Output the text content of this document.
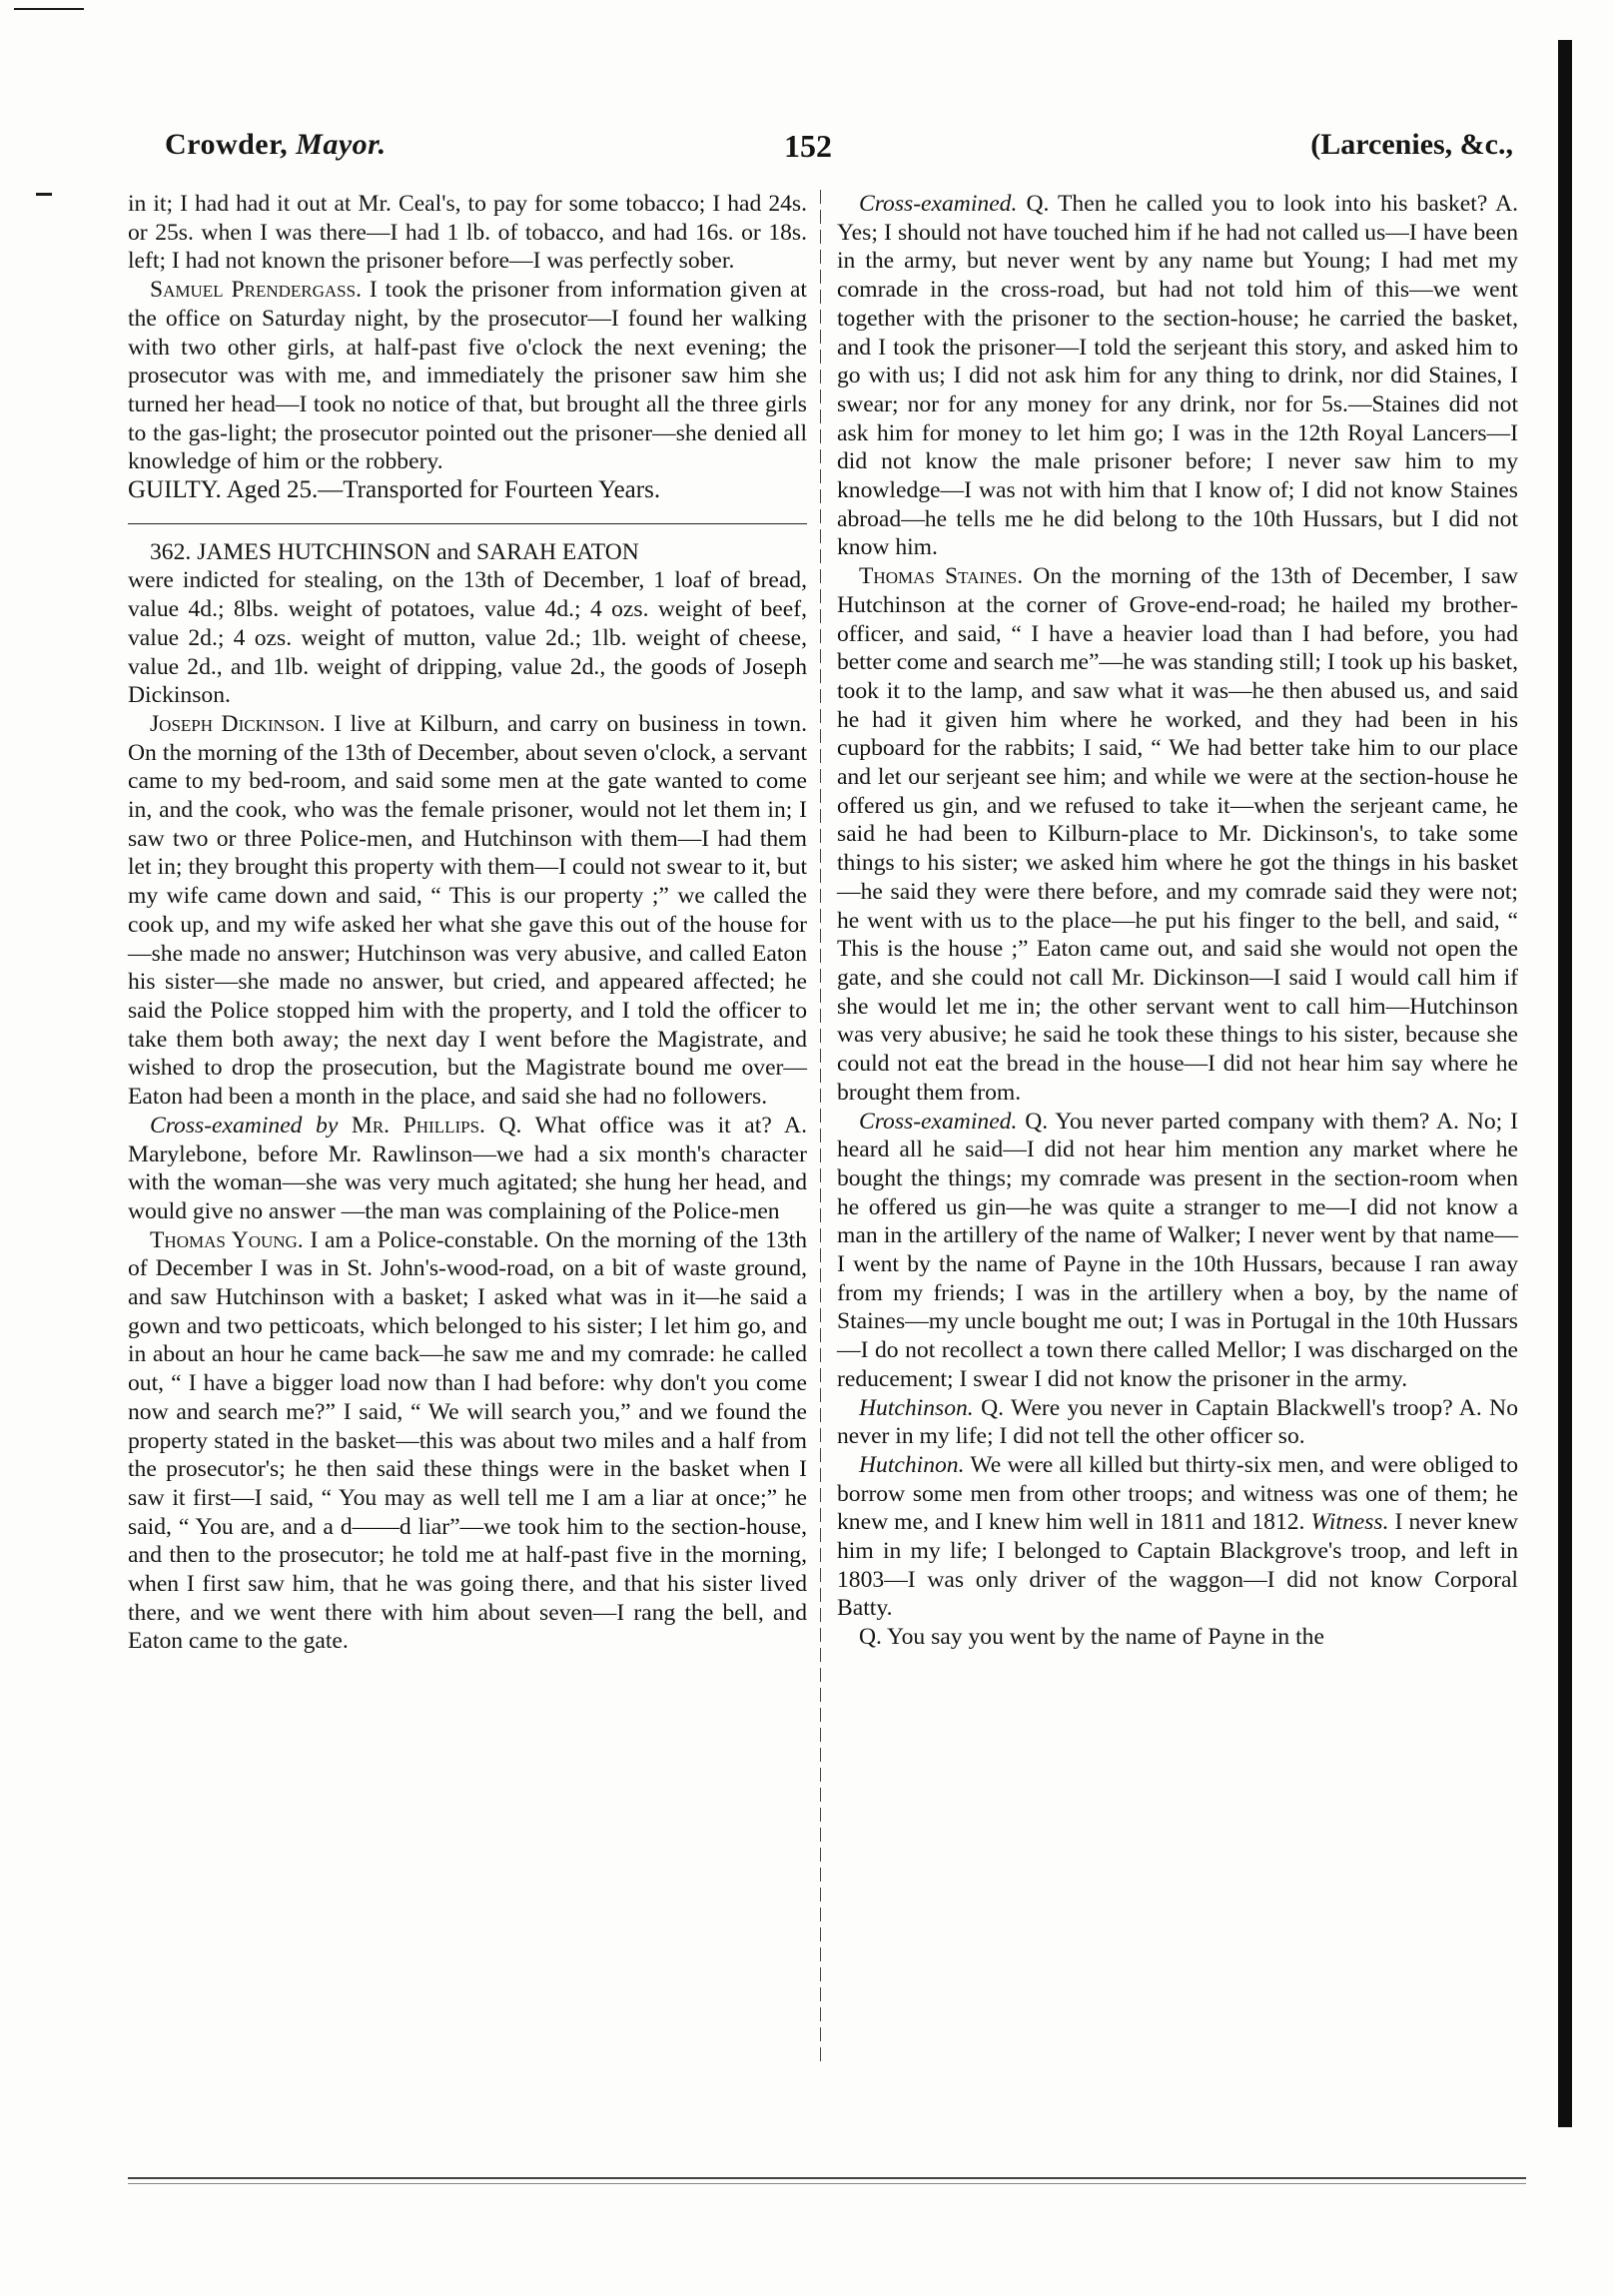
Crowder, Mayor.	152	(Larcenies, &c.,

in it; I had had it out at Mr. Ceal's, to pay for some tobacco; I had 24s. or 25s. when I was there—I had 1 lb. of tobacco, and had 16s. or 18s. left; I had not known the prisoner before—I was perfectly sober.

Samuel Prendergass. I took the prisoner from information given at the office on Saturday night, by the prosecutor—I found her walking with two other girls, at half-past five o'clock the next evening; the prosecutor was with me, and immediately the prisoner saw him she turned her head—I took no notice of that, but brought all the three girls to the gas-light; the prosecutor pointed out the prisoner—she denied all knowledge of him or the robbery.

GUILTY. Aged 25.—Transported for Fourteen Years.

362. JAMES HUTCHINSON and SARAH EATON

were indicted for stealing, on the 13th of December, 1 loaf of bread, value 4d.; 8lbs. weight of potatoes, value 4d.; 4 ozs. weight of beef, value 2d.; 4 ozs. weight of mutton, value 2d.; 1lb. weight of cheese, value 2d., and 1lb. weight of dripping, value 2d., the goods of Joseph Dickinson.

Joseph Dickinson. I live at Kilburn, and carry on business in town. On the morning of the 13th of December, about seven o'clock, a servant came to my bed-room, and said some men at the gate wanted to come in, and the cook, who was the female prisoner, would not let them in; I saw two or three Police-men, and Hutchinson with them—I had them let in; they brought this property with them—I could not swear to it, but my wife came down and said, “ This is our property ;” we called the cook up, and my wife asked her what she gave this out of the house for—she made no answer; Hutchinson was very abusive, and called Eaton his sister—she made no answer, but cried, and appeared affected; he said the Police stopped him with the property, and I told the officer to take them both away; the next day I went before the Magistrate, and wished to drop the prosecution, but the Magistrate bound me over—Eaton had been a month in the place, and said she had no followers.

Cross-examined by Mr. Phillips. Q. What office was it at? A. Marylebone, before Mr. Rawlinson—we had a six month's character with the woman—she was very much agitated; she hung her head, and would give no answer —the man was complaining of the Police-men

Thomas Young. I am a Police-constable. On the morning of the 13th of December I was in St. John's-wood-road, on a bit of waste ground, and saw Hutchinson with a basket; I asked what was in it—he said a gown and two petticoats, which belonged to his sister; I let him go, and in about an hour he came back—he saw me and my comrade: he called out, “ I have a bigger load now than I had before: why don't you come now and search me?” I said, “ We will search you,” and we found the property stated in the basket—this was about two miles and a half from the prosecutor's; he then said these things were in the basket when I saw it first—I said, “ You may as well tell me I am a liar at once;” he said, “ You are, and a d——d liar”—we took him to the section-house, and then to the prosecutor; he told me at half-past five in the morning, when I first saw him, that he was going there, and that his sister lived there, and we went there with him about seven—I rang the bell, and Eaton came to the gate.

Cross-examined. Q. Then he called you to look into his basket? A. Yes; I should not have touched him if he had not called us—I have been in the army, but never went by any name but Young; I had met my comrade in the cross-road, but had not told him of this—we went together with the prisoner to the section-house; he carried the basket, and I took the prisoner—I told the serjeant this story, and asked him to go with us; I did not ask him for any thing to drink, nor did Staines, I swear; nor for any money for any drink, nor for 5s.—Staines did not ask him for money to let him go; I was in the 12th Royal Lancers—I did not know the male prisoner before; I never saw him to my knowledge—I was not with him that I know of; I did not know Staines abroad—he tells me he did belong to the 10th Hussars, but I did not know him.

Thomas Staines. On the morning of the 13th of December, I saw Hutchinson at the corner of Grove-end-road; he hailed my brother-officer, and said, “ I have a heavier load than I had before, you had better come and search me”—he was standing still; I took up his basket, took it to the lamp, and saw what it was—he then abused us, and said he had it given him where he worked, and they had been in his cupboard for the rabbits; I said, “ We had better take him to our place and let our serjeant see him; and while we were at the section-house he offered us gin, and we refused to take it—when the serjeant came, he said he had been to Kilburn-place to Mr. Dickinson's, to take some things to his sister; we asked him where he got the things in his basket—he said they were there before, and my comrade said they were not; he went with us to the place—he put his finger to the bell, and said, “ This is the house ;” Eaton came out, and said she would not open the gate, and she could not call Mr. Dickinson—I said I would call him if she would let me in; the other servant went to call him—Hutchinson was very abusive; he said he took these things to his sister, because she could not eat the bread in the house—I did not hear him say where he brought them from.

Cross-examined. Q. You never parted company with them? A. No; I heard all he said—I did not hear him mention any market where he bought the things; my comrade was present in the section-room when he offered us gin—he was quite a stranger to me—I did not know a man in the artillery of the name of Walker; I never went by that name—I went by the name of Payne in the 10th Hussars, because I ran away from my friends; I was in the artillery when a boy, by the name of Staines—my uncle bought me out; I was in Portugal in the 10th Hussars—I do not recollect a town there called Mellor; I was discharged on the reducement; I swear I did not know the prisoner in the army.

Hutchinson. Q. Were you never in Captain Blackwell's troop? A. No never in my life; I did not tell the other officer so.

Hutchinon. We were all killed but thirty-six men, and were obliged to borrow some men from other troops; and witness was one of them; he knew me, and I knew him well in 1811 and 1812. Witness. I never knew him in my life; I belonged to Captain Blackgrove's troop, and left in 1803—I was only driver of the waggon—I did not know Corporal Batty.

Q. You say you went by the name of Payne in the
